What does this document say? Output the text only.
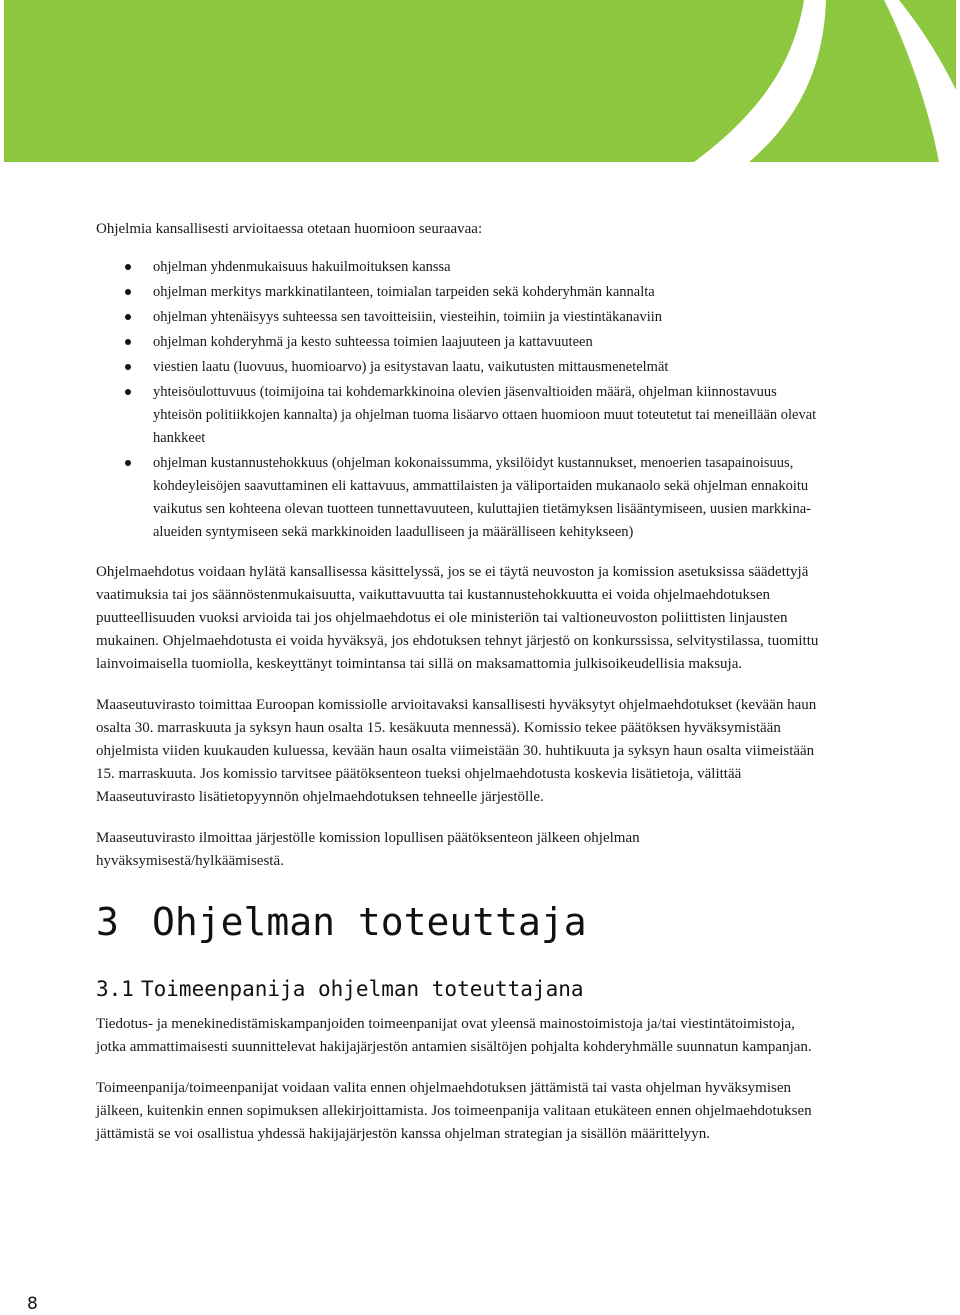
Ohjelmia kansallisesti arvioitaessa otetaan huomioon seuraavaa:

ohjelman yhdenmukaisuus hakuilmoituksen kanssa
ohjelman merkitys markkinatilanteen, toimialan tarpeiden sekä kohderyhmän kannalta
ohjelman yhtenäisyys suhteessa sen tavoitteisiin, viesteihin, toimiin ja viestintäkanaviin
ohjelman kohderyhmä ja kesto suhteessa toimien laajuuteen ja kattavuuteen
viestien laatu (luovuus, huomioarvo) ja esitystavan laatu, vaikutusten mittausmenetelmät
yhteisöulottuvuus (toimijoina tai kohdemarkkinoina olevien jäsenvaltioiden määrä, ohjelman kiinnostavuus yhteisön politiikkojen kannalta) ja ohjelman tuoma lisäarvo ottaen huomioon muut toteutetut tai meneillään olevat hankkeet
ohjelman kustannustehokkuus (ohjelman kokonaissumma, yksilöidyt kustannukset, menoerien tasapainoisuus, kohdeyleisöjen saavuttaminen eli kattavuus, ammattilaisten ja väliportaiden mukanaolo sekä ohjelman ennakoitu vaikutus sen kohteena olevan tuotteen tunnettavuuteen, kuluttajien tietämyksen lisääntymiseen, uusien markkina-alueiden syntymiseen sekä markkinoiden laadulliseen ja määrälliseen kehitykseen)

Ohjelmaehdotus voidaan hylätä kansallisessa käsittelyssä, jos se ei täytä neuvoston ja komission asetuksissa säädettyjä vaatimuksia tai jos säännöstenmukaisuutta, vaikuttavuutta tai kustannustehokkuutta ei voida ohjelmaehdotuksen puutteellisuuden vuoksi arvioida tai jos ohjelmaehdotus ei ole ministeriön tai valtioneuvoston poliittisten linjausten mukainen. Ohjelmaehdotusta ei voida hyväksyä, jos ehdotuksen tehnyt järjestö on konkurssissa, selvitystilassa, tuomittu lainvoimaisella tuomiolla, keskeyttänyt toimintansa tai sillä on maksamattomia julkisoikeudellisia maksuja.

Maaseutuvirasto toimittaa Euroopan komissiolle arvioitavaksi kansallisesti hyväksytyt ohjelmaehdotukset (kevään haun osalta 30. marraskuuta ja syksyn haun osalta 15. kesäkuuta mennessä). Komissio tekee päätöksen hyväksymistään ohjelmista viiden kuukauden kuluessa, kevään haun osalta viimeistään 30. huhtikuuta ja syksyn haun osalta viimeistään 15. marraskuuta. Jos komissio tarvitsee päätöksenteon tueksi ohjelmaehdotusta koskevia lisätietoja, välittää Maaseutuvirasto lisätietopyynnön ohjelmaehdotuksen tehneelle järjestölle.

Maaseutuvirasto ilmoittaa järjestölle komission lopullisen päätöksenteon jälkeen ohjelman hyväksymisestä/hylkäämisestä.

3 Ohjelman toteuttaja
3.1 Toimeenpanija ohjelman toteuttajana

Tiedotus- ja menekinedistämiskampanjoiden toimeenpanijat ovat yleensä mainostoimistoja ja/tai viestintätoimistoja, jotka ammattimaisesti suunnittelevat hakijajärjestön antamien sisältöjen pohjalta kohderyhmälle suunnatun kampanjan.

Toimeenpanija/toimeenpanijat voidaan valita ennen ohjelmaehdotuksen jättämistä tai vasta ohjelman hyväksymisen jälkeen, kuitenkin ennen sopimuksen allekirjoittamista. Jos toimeenpanija valitaan etukäteen ennen ohjelmaehdotuksen jättämistä se voi osallistua yhdessä hakijajärjestön kanssa ohjelman strategian ja sisällön määrittelyyn.

8
